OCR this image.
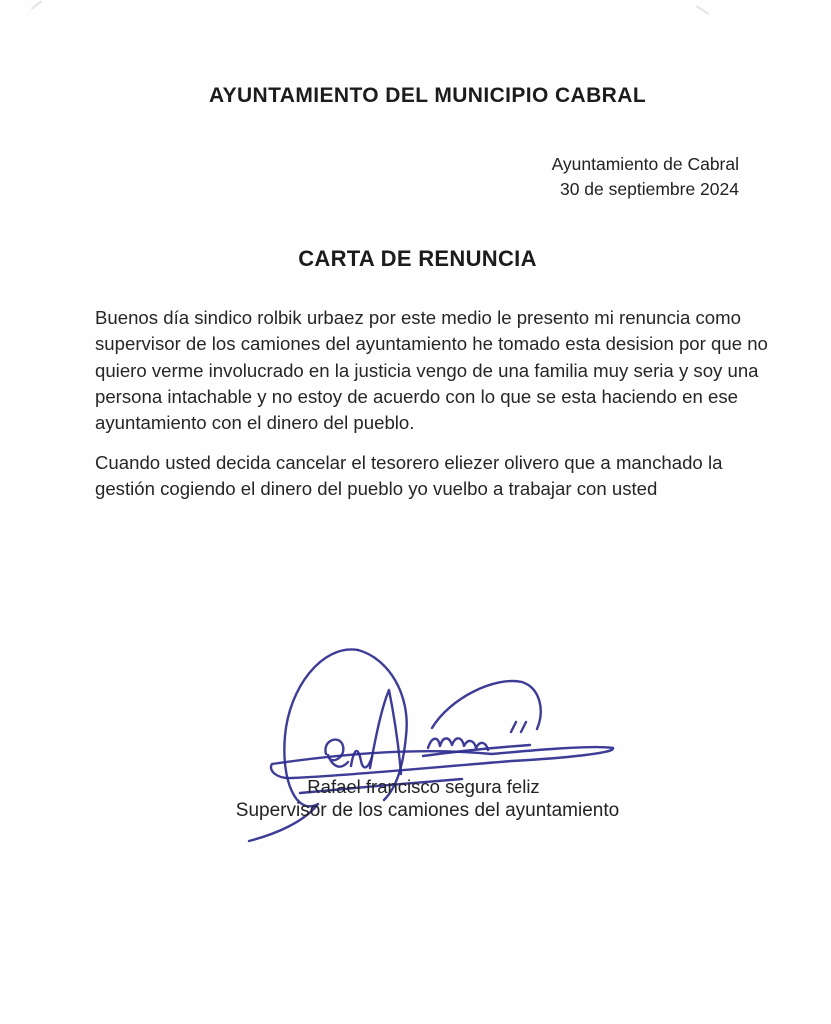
AYUNTAMIENTO DEL MUNICIPIO CABRAL
Ayuntamiento de Cabral
30 de septiembre 2024
CARTA DE RENUNCIA
Buenos día sindico rolbik urbaez por este medio le presento mi renuncia como
supervisor de los camiones del ayuntamiento he tomado esta desision por que no
quiero verme involucrado en la justicia vengo de una familia muy seria y soy una
persona intachable y no estoy de acuerdo con lo que se esta haciendo en ese
ayuntamiento con el dinero del pueblo.
Cuando usted decida cancelar el tesorero eliezer olivero que a manchado la
gestión cogiendo el dinero del pueblo yo vuelbo a trabajar con usted
Rafael francisco segura feliz
Supervisor de los camiones del ayuntamiento
